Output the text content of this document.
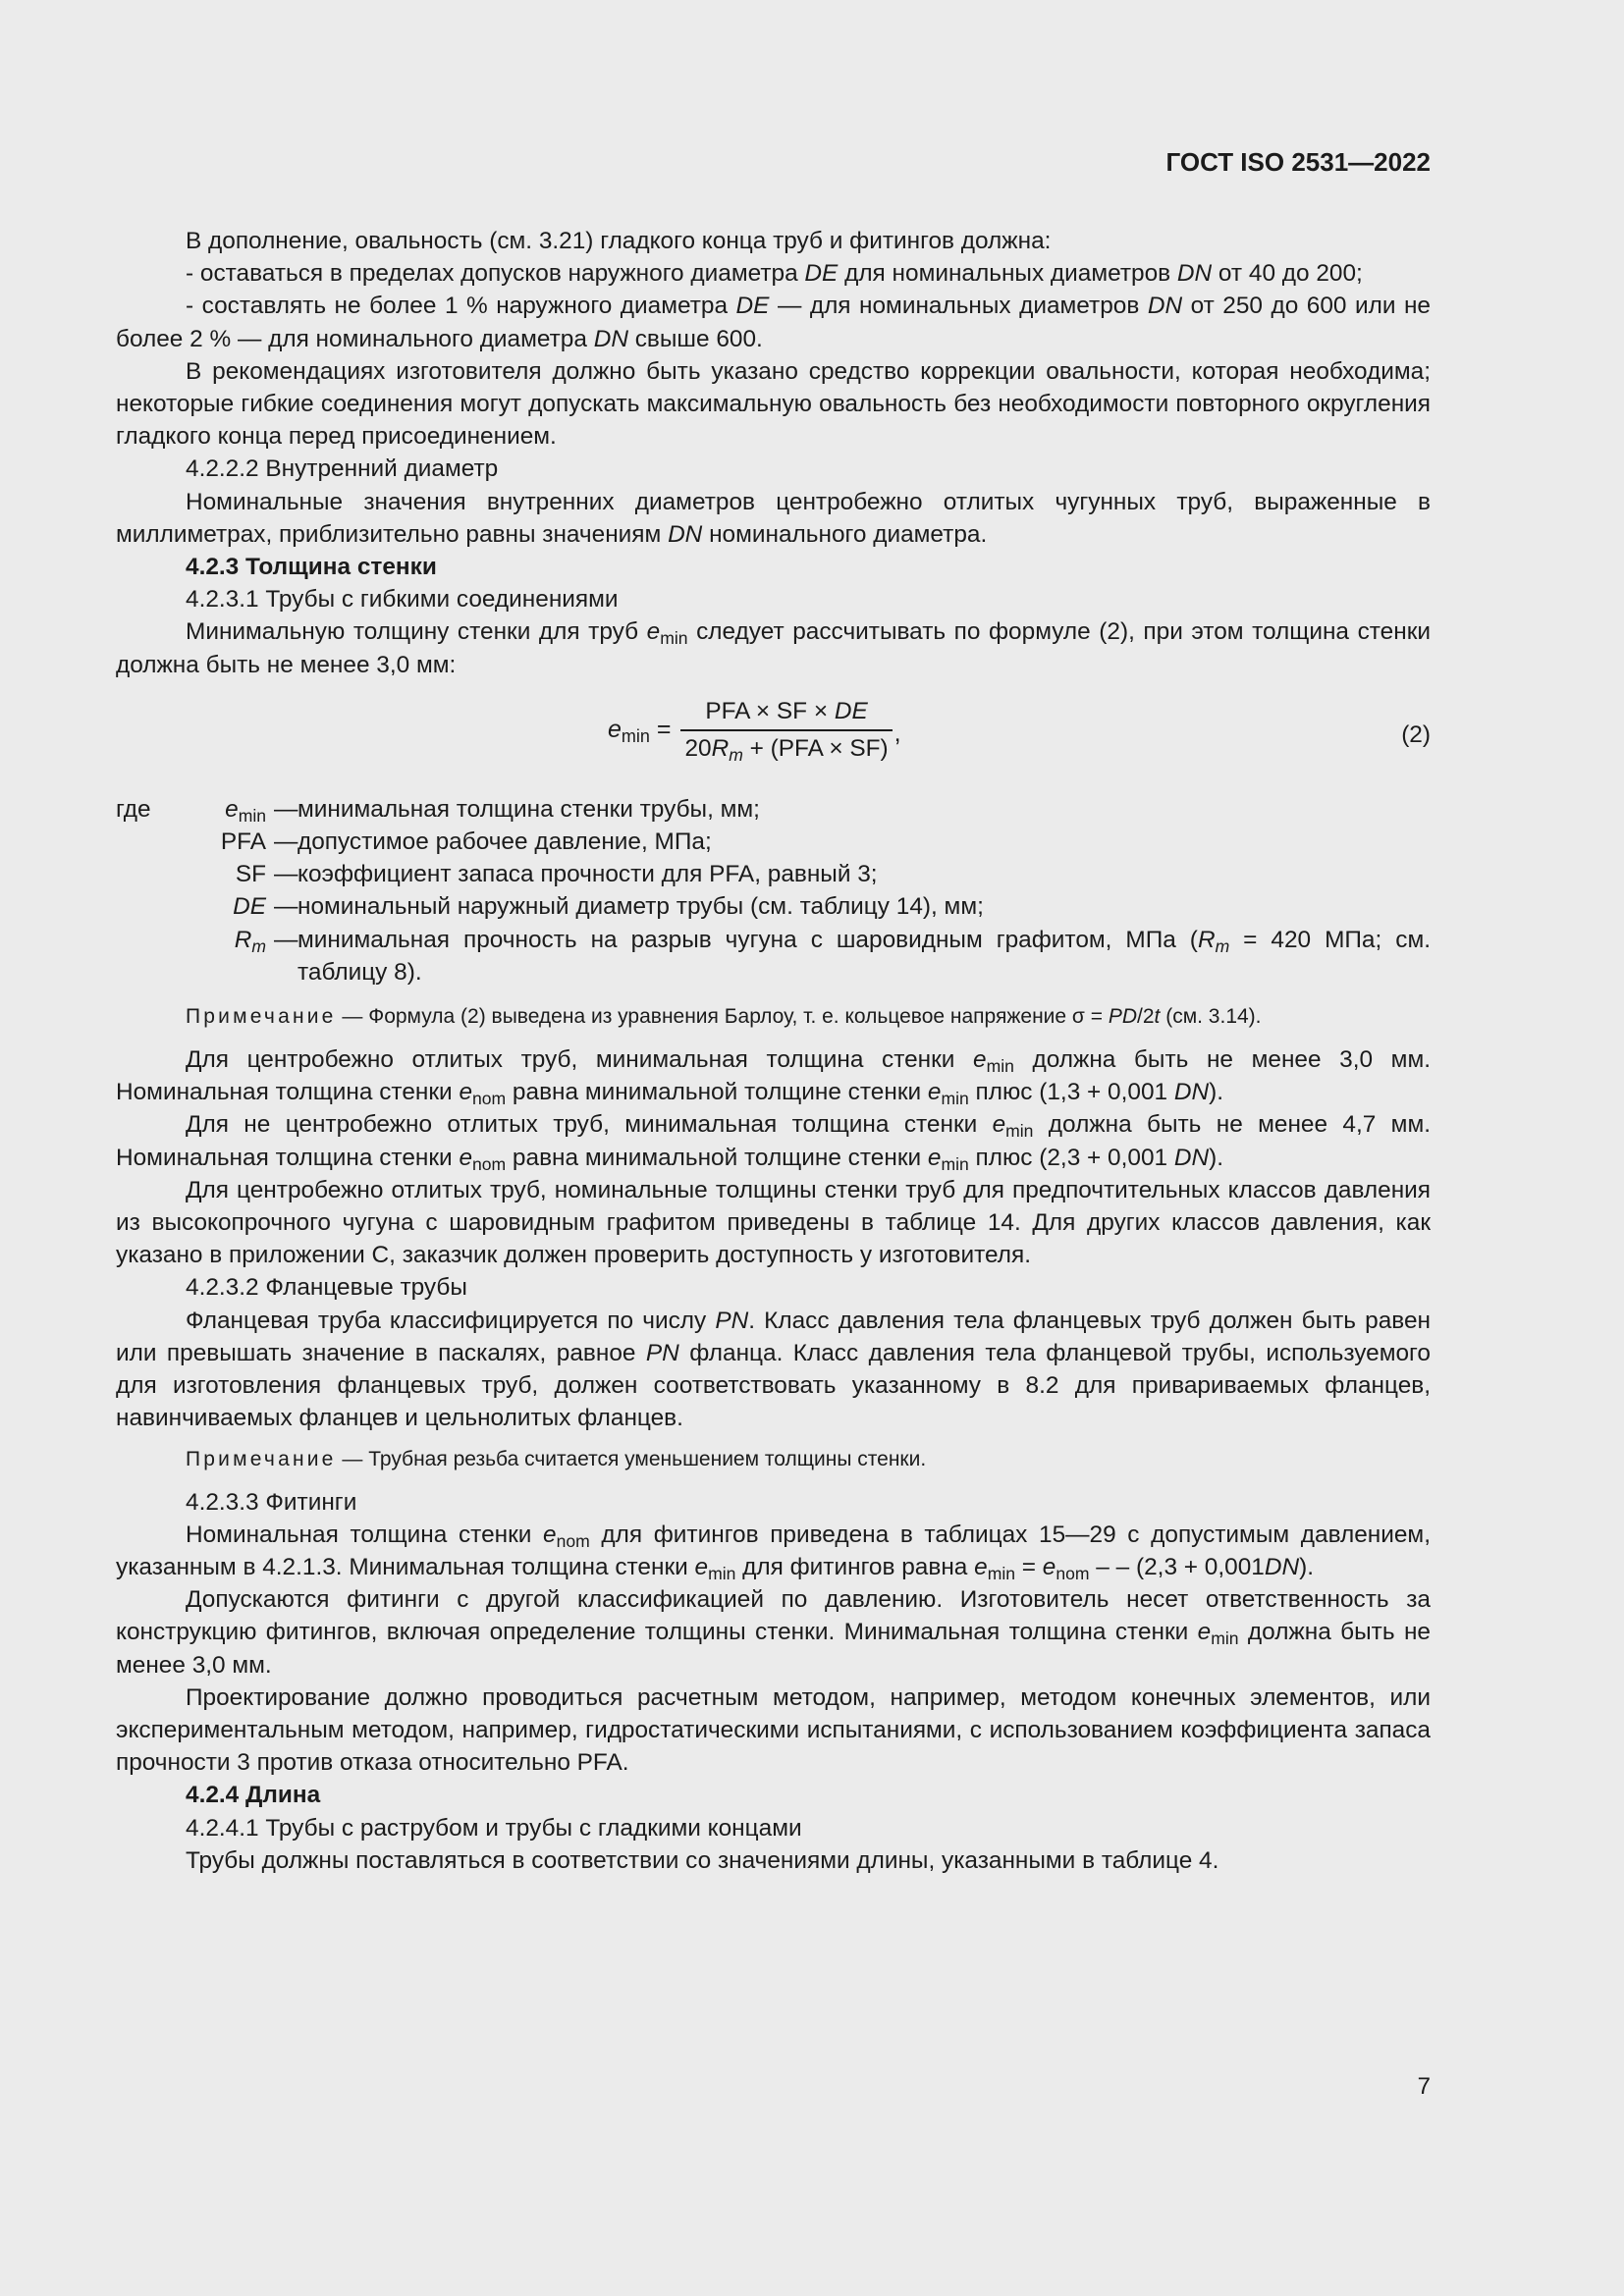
ГОСТ ISO 2531—2022

В дополнение, овальность (см. 3.21) гладкого конца труб и фитингов должна:

- оставаться в пределах допусков наружного диаметра DE для номинальных диаметров DN от 40 до 200;

- составлять не более 1 % наружного диаметра DE — для номинальных диаметров DN от 250 до 600 или не более 2 % — для номинального диаметра DN свыше 600.

В рекомендациях изготовителя должно быть указано средство коррекции овальности, которая необходима; некоторые гибкие соединения могут допускать максимальную овальность без необходимости повторного округления гладкого конца перед присоединением.

4.2.2.2 Внутренний диаметр

Номинальные значения внутренних диаметров центробежно отлитых чугунных труб, выраженные в миллиметрах, приблизительно равны значениям DN номинального диаметра.

4.2.3 Толщина стенки

4.2.3.1 Трубы с гибкими соединениями

Минимальную толщину стенки для труб $e_{min}$ следует рассчитывать по формуле (2), при этом толщина стенки должна быть не менее 3,0 мм:

$e_{min} = \frac{\text{PFA × SF × DE}}{20R_m + (PFA \times SF)}$ ,	(2)
где	$e_{min}$ — минимальная толщина стенки трубы, мм;
PFA — допустимое рабочее давление, МПа;
SF — коэффициент запаса прочности для PFA, равный 3;
DE — номинальный наружный диаметр трубы (см. таблицу 14), мм;
$R_m$ — минимальная прочность на разрыв чугуна с шаровидным графитом, МПа ($R_m = 420$ МПа; см. таблицу 8).

Примечание — Формула (2) выведена из уравнения Барлоу, т. е. кольцевое напряжение σ = PD/2t (см. 3.14).

Для центробежно отлитых труб, минимальная толщина стенки $e_{min}$ должна быть не менее 3,0 мм. Номинальная толщина стенки $e_{nom}$ равна минимальной толщине стенки $e_{min}$ плюс (1,3 + 0,001 DN).

Для не центробежно отлитых труб, минимальная толщина стенки $e_{min}$ должна быть не менее 4,7 мм. Номинальная толщина стенки $e_{nom}$ равна минимальной толщине стенки $e_{min}$ плюс (2,3 + 0,001 DN).

Для центробежно отлитых труб, номинальные толщины стенки труб для предпочтительных классов давления из высокопрочного чугуна с шаровидным графитом приведены в таблице 14. Для других классов давления, как указано в приложении С, заказчик должен проверить доступность у изготовителя.

4.2.3.2 Фланцевые трубы

Фланцевая труба классифицируется по числу PN. Класс давления тела фланцевых труб должен быть равен или превышать значение в паскалях, равное PN фланца. Класс давления тела фланцевой трубы, используемого для изготовления фланцевых труб, должен соответствовать указанному в 8.2 для привариваемых фланцев, навинчиваемых фланцев и цельнолитых фланцев.

Примечание — Трубная резьба считается уменьшением толщины стенки.

4.2.3.3 Фитинги

Номинальная толщина стенки $e_{nom}$ для фитингов приведена в таблицах 15—29 с допустимым давлением, указанным в 4.2.1.3. Минимальная толщина стенки $e_{min}$ для фитингов равна $e_{min} = e_{nom}$ – – (2,3 + 0,001DN).

Допускаются фитинги с другой классификацией по давлению. Изготовитель несет ответственность за конструкцию фитингов, включая определение толщины стенки. Минимальная толщина стенки $e_{min}$ должна быть не менее 3,0 мм.

Проектирование должно проводиться расчетным методом, например, методом конечных элементов, или экспериментальным методом, например, гидростатическими испытаниями, с использованием коэффициента запаса прочности 3 против отказа относительно PFA.

4.2.4 Длина

4.2.4.1 Трубы с раструбом и трубы с гладкими концами

Трубы должны поставляться в соответствии со значениями длины, указанными в таблице 4.

7
